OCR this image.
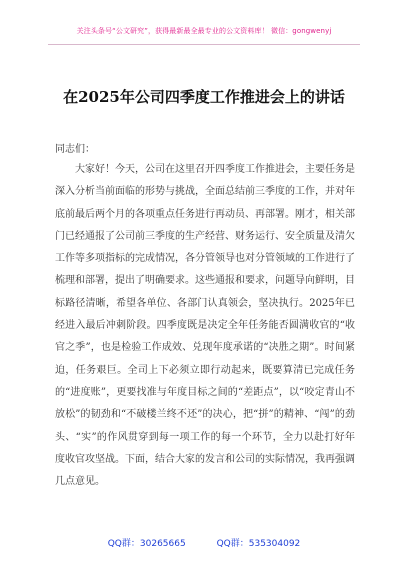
关注头条号“公文研究”，获得最新最全最专业的公文资料库！ 微信：gongwenyj
在2025年公司四季度工作推进会上的讲话
同志们：
大家好！今天，公司在这里召开四季度工作推进会，主要任务是深入分析当前面临的形势与挑战，全面总结前三季度的工作，并对年底前最后两个月的各项重点任务进行再动员、再部署。刚才，相关部门已经通报了公司前三季度的生产经营、财务运行、安全质量及清欠工作等多项指标的完成情况，各分管领导也对分管领域的工作进行了梳理和部署，提出了明确要求。这些通报和要求，问题导向鲜明，目标路径清晰，希望各单位、各部门认真领会，坚决执行。2025年已经进入最后冲刺阶段。四季度既是决定全年任务能否圆满收官的“收官之季”，也是检验工作成效、兑现年度承诺的“决胜之期”。时间紧迫，任务艰巨。全司上下必须立即行动起来，既要算清已完成任务的“进度账”，更要找准与年度目标之间的“差距点”，以“咬定青山不放松”的韧劲和“不破楼兰终不还”的决心，把“拼”的精神、“闯”的劲头、“实”的作风贯穿到每一项工作的每一个环节，全力以赴打好年度收官攻坚战。下面，结合大家的发言和公司的实际情况，我再强调几点意见。
QQ群：30265665	QQ群：535304092
